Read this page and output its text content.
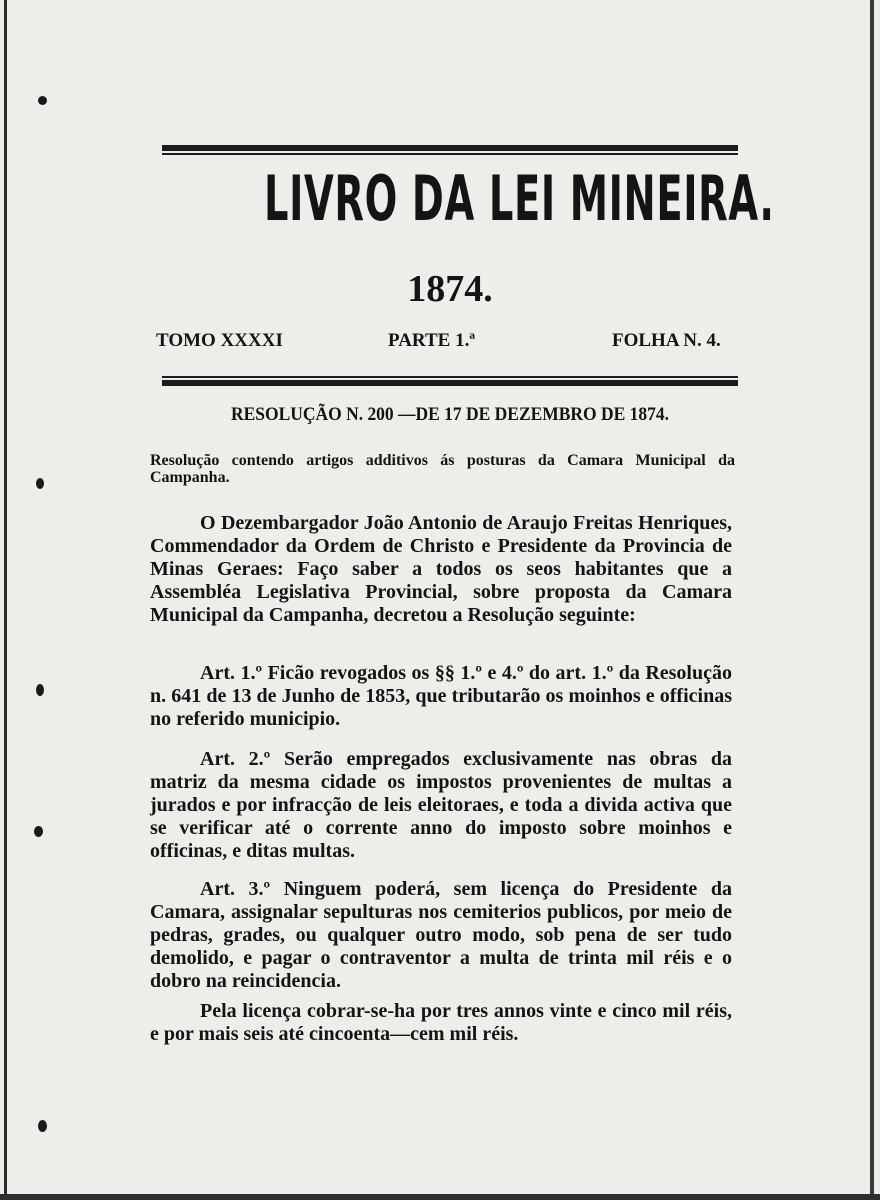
LIVRO DA LEI MINEIRA.
1874.
TOMO XXXXI	PARTE 1.ª	FOLHA N. 4.
RESOLUÇÃO N. 200 —DE 17 DE DEZEMBRO DE 1874.
Resolução contendo artigos additivos ás posturas da Camara Municipal da Campanha.
O Dezembargador João Antonio de Araujo Freitas Henriques, Commendador da Ordem de Christo e Presidente da Provincia de Minas Geraes: Faço saber a todos os seos habitantes que a Assembléa Legislativa Provincial, sobre proposta da Camara Municipal da Campanha, decretou a Resolução seguinte:
Art. 1.º Ficão revogados os §§ 1.º e 4.º do art. 1.º da Resolução n. 641 de 13 de Junho de 1853, que tributarão os moinhos e officinas no referido municipio.
Art. 2.º Serão empregados exclusivamente nas obras da matriz da mesma cidade os impostos provenientes de multas a jurados e por infracção de leis eleitoraes, e toda a divida activa que se verificar até o corrente anno do imposto sobre moinhos e officinas, e ditas multas.
Art. 3.º Ninguem poderá, sem licença do Presidente da Camara, assignalar sepulturas nos cemiterios publicos, por meio de pedras, grades, ou qualquer outro modo, sob pena de ser tudo demolido, e pagar o contraventor a multa de trinta mil réis e o dobro na reincidencia.
Pela licença cobrar-se-ha por tres annos vinte e cinco mil réis, e por mais seis até cincoenta—cem mil réis.
